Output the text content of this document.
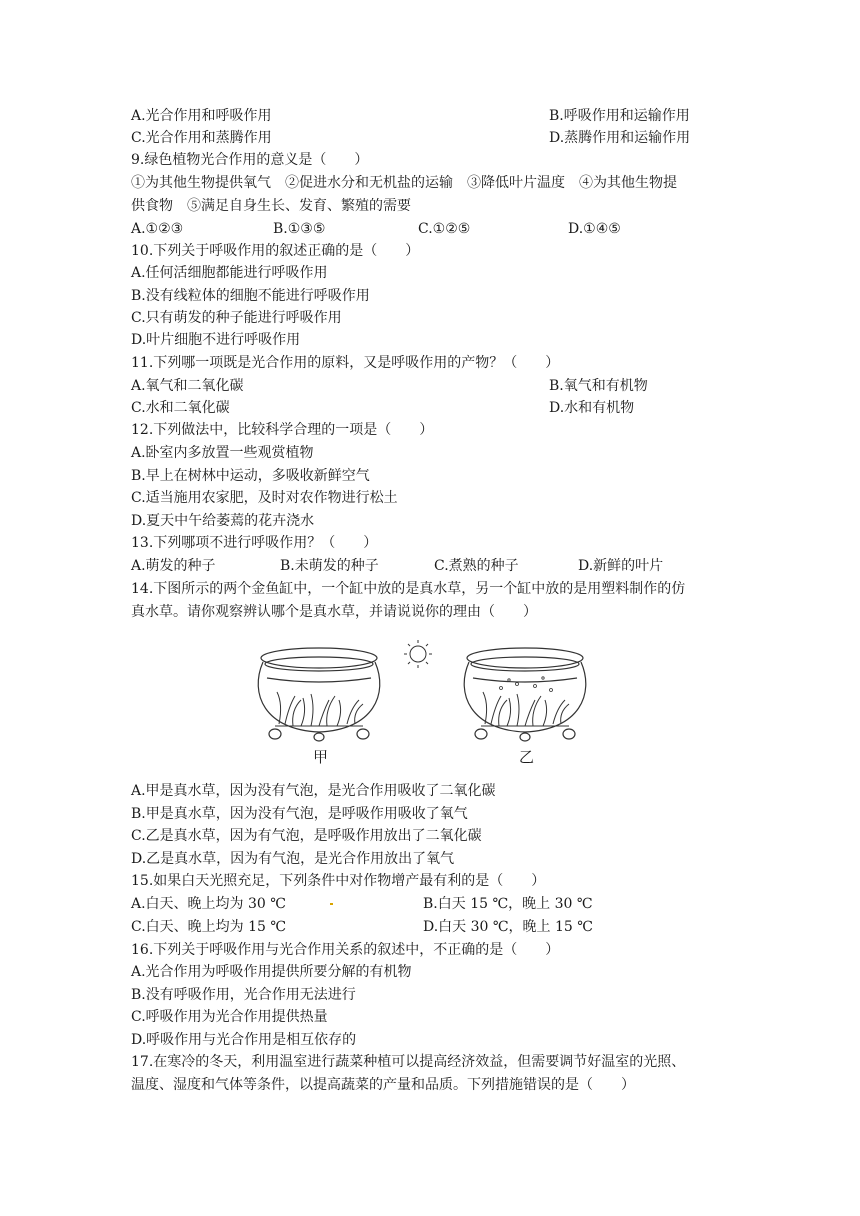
A.光合作用和呼吸作用	B.呼吸作用和运输作用
C.光合作用和蒸腾作用	D.蒸腾作用和运输作用
9.绿色植物光合作用的意义是（　　）
①为其他生物提供氧气　②促进水分和无机盐的运输　③降低叶片温度　④为其他生物提
供食物　⑤满足自身生长、发育、繁殖的需要
A.①②③	B.①③⑤	C.①②⑤	D.①④⑤
10.下列关于呼吸作用的叙述正确的是（　　）
A.任何活细胞都能进行呼吸作用
B.没有线粒体的细胞不能进行呼吸作用
C.只有萌发的种子能进行呼吸作用
D.叶片细胞不进行呼吸作用
11.下列哪一项既是光合作用的原料，又是呼吸作用的产物？（　　）
A.氧气和二氧化碳	B.氧气和有机物
C.水和二氧化碳	D.水和有机物
12.下列做法中，比较科学合理的一项是（　　）
A.卧室内多放置一些观赏植物
B.早上在树林中运动，多吸收新鲜空气
C.适当施用农家肥，及时对农作物进行松土
D.夏天中午给萎蔫的花卉浇水
13.下列哪项不进行呼吸作用？（　　）
A.萌发的种子	B.未萌发的种子	C.煮熟的种子	D.新鲜的叶片
14.下图所示的两个金鱼缸中，一个缸中放的是真水草，另一个缸中放的是用塑料制作的仿
真水草。请你观察辨认哪个是真水草，并请说说你的理由（　　）
甲	乙
A.甲是真水草，因为没有气泡，是光合作用吸收了二氧化碳
B.甲是真水草，因为没有气泡，是呼吸作用吸收了氧气
C.乙是真水草，因为有气泡，是呼吸作用放出了二氧化碳
D.乙是真水草，因为有气泡，是光合作用放出了氧气
15.如果白天光照充足，下列条件中对作物增产最有利的是（　　）
A.白天、晚上均为 30 ℃	B.白天 15 ℃，晚上 30 ℃
C.白天、晚上均为 15 ℃	D.白天 30 ℃，晚上 15 ℃
16.下列关于呼吸作用与光合作用关系的叙述中，不正确的是（　　）
A.光合作用为呼吸作用提供所要分解的有机物
B.没有呼吸作用，光合作用无法进行
C.呼吸作用为光合作用提供热量
D.呼吸作用与光合作用是相互依存的
17.在寒冷的冬天，利用温室进行蔬菜种植可以提高经济效益，但需要调节好温室的光照、
温度、湿度和气体等条件，以提高蔬菜的产量和品质。下列措施错误的是（　　）
